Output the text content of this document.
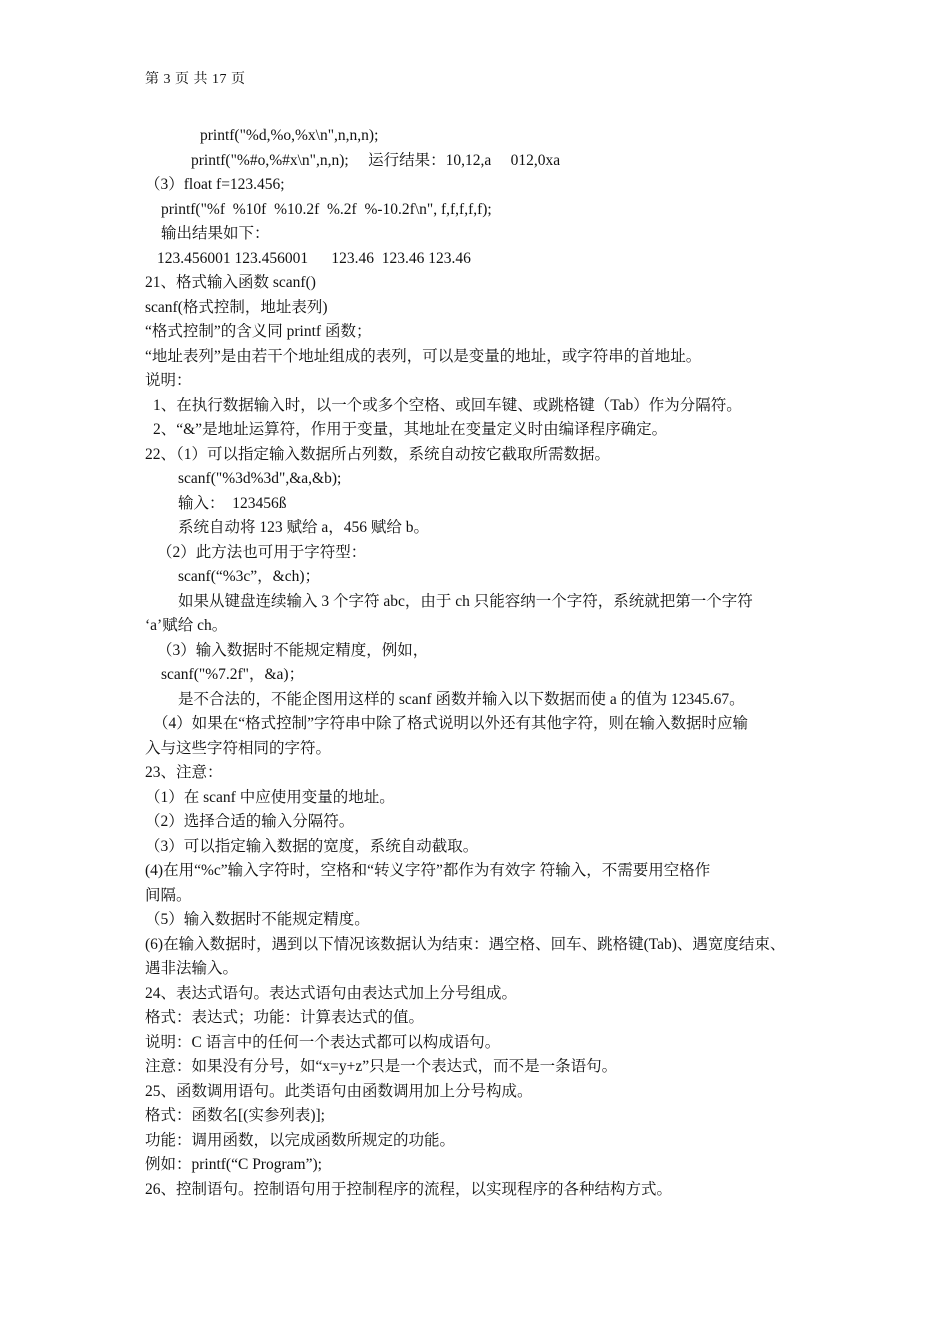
第 3 页 共 17 页
printf("%d,%o,%x\n",n,n,n);
printf("%#o,%#x\n",n,n);     运行结果：10,12,a     012,0xa
（3）float f=123.456;
printf("%f  %10f  %10.2f  %.2f  %-10.2f\n", f,f,f,f,f);
输出结果如下：
123.456001 123.456001      123.46  123.46 123.46
21、格式输入函数 scanf()
scanf(格式控制，地址表列)
“格式控制”的含义同 printf 函数；
“地址表列”是由若干个地址组成的表列，可以是变量的地址，或字符串的首地址。
说明：
1、在执行数据输入时，以一个或多个空格、或回车键、或跳格键（Tab）作为分隔符。
2、“&”是地址运算符，作用于变量，其地址在变量定义时由编译程序确定。
22、（1）可以指定输入数据所占列数，系统自动按它截取所需数据。
scanf("%3d%3d",&a,&b);
输入：  123456ß
系统自动将 123 赋给 a，456 赋给 b。
（2）此方法也可用于字符型：
scanf(“%3c”，&ch)；
如果从键盘连续输入 3 个字符 abc，由于 ch 只能容纳一个字符，系统就把第一个字符
‘a’赋给 ch。
（3）输入数据时不能规定精度，例如，
scanf("%7.2f"，&a)；
是不合法的，不能企图用这样的 scanf 函数并输入以下数据而使 a 的值为 12345.67。
（4）如果在“格式控制”字符串中除了格式说明以外还有其他字符，则在输入数据时应输
入与这些字符相同的字符。
23、注意：
（1）在 scanf 中应使用变量的地址。
（2）选择合适的输入分隔符。
（3）可以指定输入数据的宽度，系统自动截取。
(4)在用“%c”输入字符时，空格和“转义字符”都作为有效字 符输入，不需要用空格作
间隔。
（5）输入数据时不能规定精度。
(6)在输入数据时，遇到以下情况该数据认为结束：遇空格、回车、跳格键(Tab)、遇宽度结束、
遇非法输入。
24、表达式语句。表达式语句由表达式加上分号组成。
格式：表达式；功能：计算表达式的值。
说明：C 语言中的任何一个表达式都可以构成语句。
注意：如果没有分号，如“x=y+z”只是一个表达式，而不是一条语句。
25、函数调用语句。此类语句由函数调用加上分号构成。
格式：函数名[(实参列表)];
功能：调用函数，以完成函数所规定的功能。
例如：printf(“C Program”);
26、控制语句。控制语句用于控制程序的流程，以实现程序的各种结构方式。
